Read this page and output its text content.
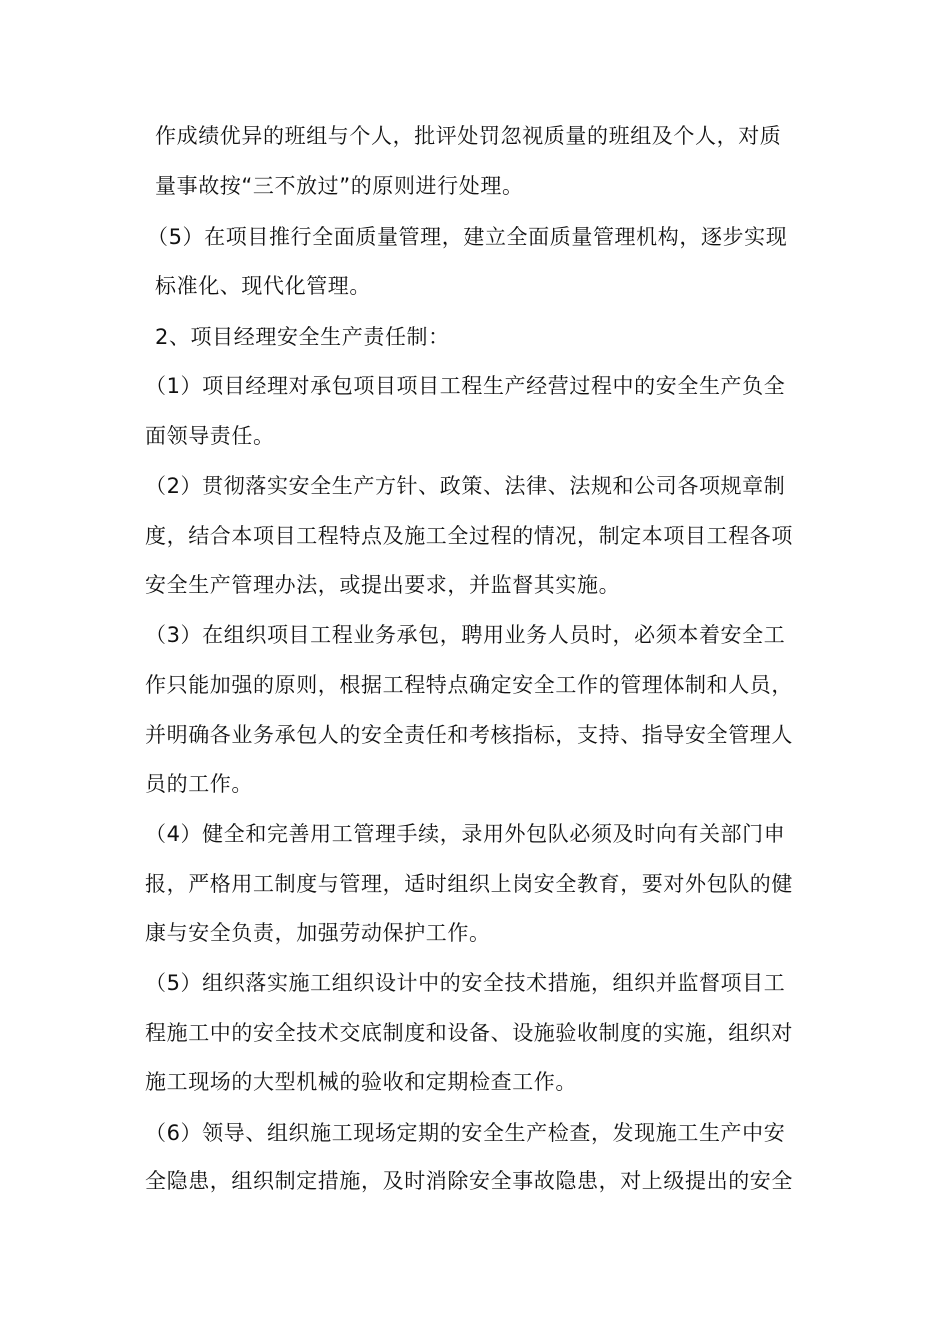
作成绩优异的班组与个人，批评处罚忽视质量的班组及个人，对质
量事故按“三不放过”的原则进行处理。
（5）在项目推行全面质量管理，建立全面质量管理机构，逐步实现
标准化、现代化管理。
2、项目经理安全生产责任制：
（1）项目经理对承包项目项目工程生产经营过程中的安全生产负全
面领导责任。
（2）贯彻落实安全生产方针、政策、法律、法规和公司各项规章制
度，结合本项目工程特点及施工全过程的情况，制定本项目工程各项
安全生产管理办法，或提出要求，并监督其实施。
（3）在组织项目工程业务承包，聘用业务人员时，必须本着安全工
作只能加强的原则，根据工程特点确定安全工作的管理体制和人员，
并明确各业务承包人的安全责任和考核指标，支持、指导安全管理人
员的工作。
（4）健全和完善用工管理手续，录用外包队必须及时向有关部门申
报，严格用工制度与管理，适时组织上岗安全教育，要对外包队的健
康与安全负责，加强劳动保护工作。
（5）组织落实施工组织设计中的安全技术措施，组织并监督项目工
程施工中的安全技术交底制度和设备、设施验收制度的实施，组织对
施工现场的大型机械的验收和定期检查工作。
（6）领导、组织施工现场定期的安全生产检查，发现施工生产中安
全隐患，组织制定措施，及时消除安全事故隐患，对上级提出的安全
